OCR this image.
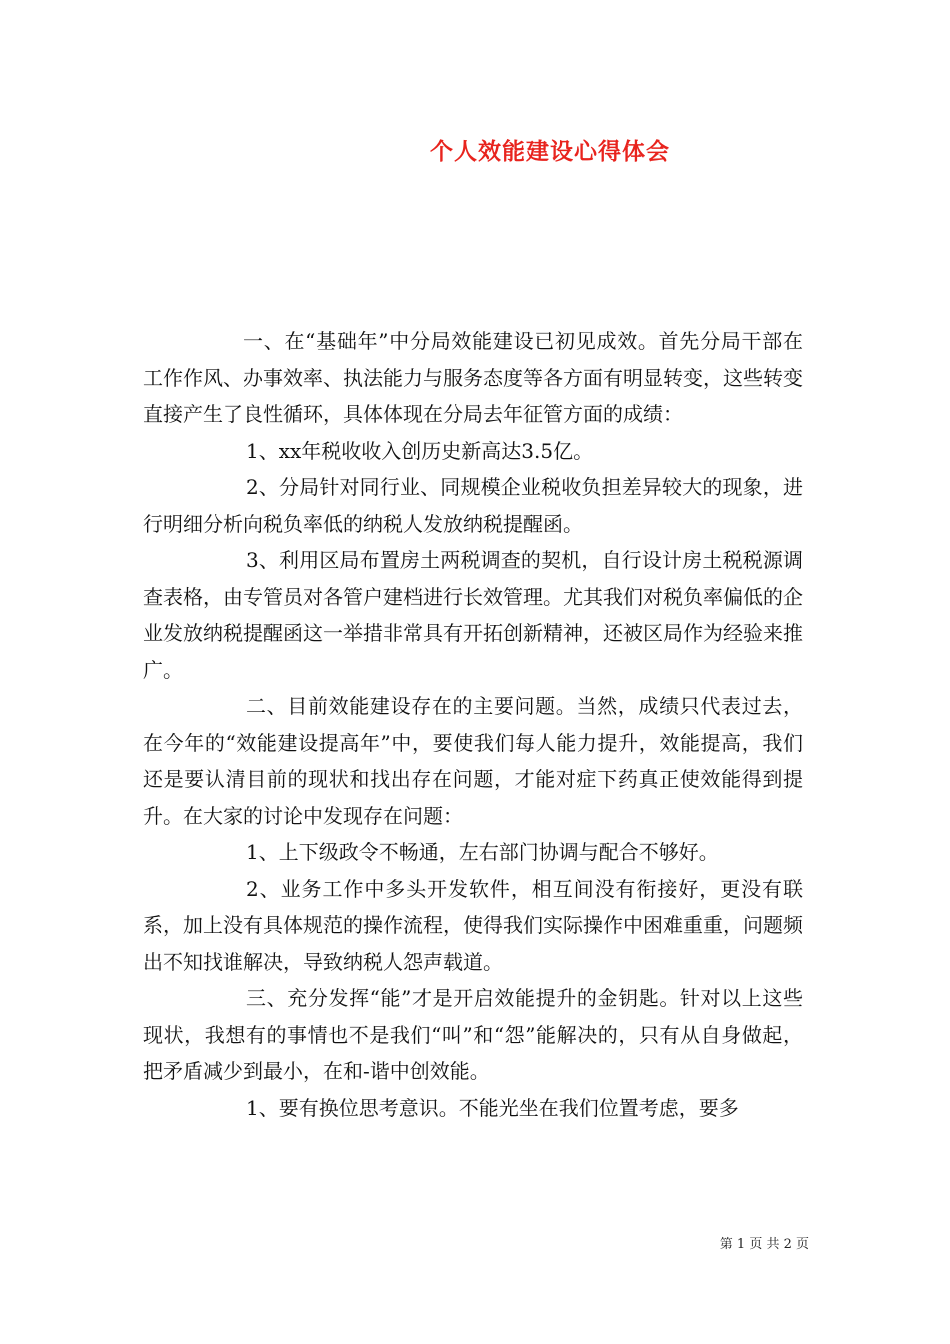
个人效能建设心得体会

一、在“基础年”中分局效能建设已初见成效。首先分局干部在工作作风、办事效率、执法能力与服务态度等各方面有明显转变，这些转变直接产生了良性循环，具体体现在分局去年征管方面的成绩：

1、xx年税收收入创历史新高达3.5亿。

2、分局针对同行业、同规模企业税收负担差异较大的现象，进行明细分析向税负率低的纳税人发放纳税提醒函。

3、利用区局布置房土两税调查的契机，自行设计房土税税源调查表格，由专管员对各管户建档进行长效管理。尤其我们对税负率偏低的企业发放纳税提醒函这一举措非常具有开拓创新精神，还被区局作为经验来推广。

二、目前效能建设存在的主要问题。当然，成绩只代表过去，在今年的“效能建设提高年”中，要使我们每人能力提升，效能提高，我们还是要认清目前的现状和找出存在问题，才能对症下药真正使效能得到提升。在大家的讨论中发现存在问题：

1、上下级政令不畅通，左右部门协调与配合不够好。

2、业务工作中多头开发软件，相互间没有衔接好，更没有联系，加上没有具体规范的操作流程，使得我们实际操作中困难重重，问题频出不知找谁解决，导致纳税人怨声载道。

三、充分发挥“能”才是开启效能提升的金钥匙。针对以上这些现状，我想有的事情也不是我们“叫”和“怨”能解决的，只有从自身做起，把矛盾减少到最小，在和-谐中创效能。

1、要有换位思考意识。不能光坐在我们位置考虑，要多

第 1 页 共 2 页
